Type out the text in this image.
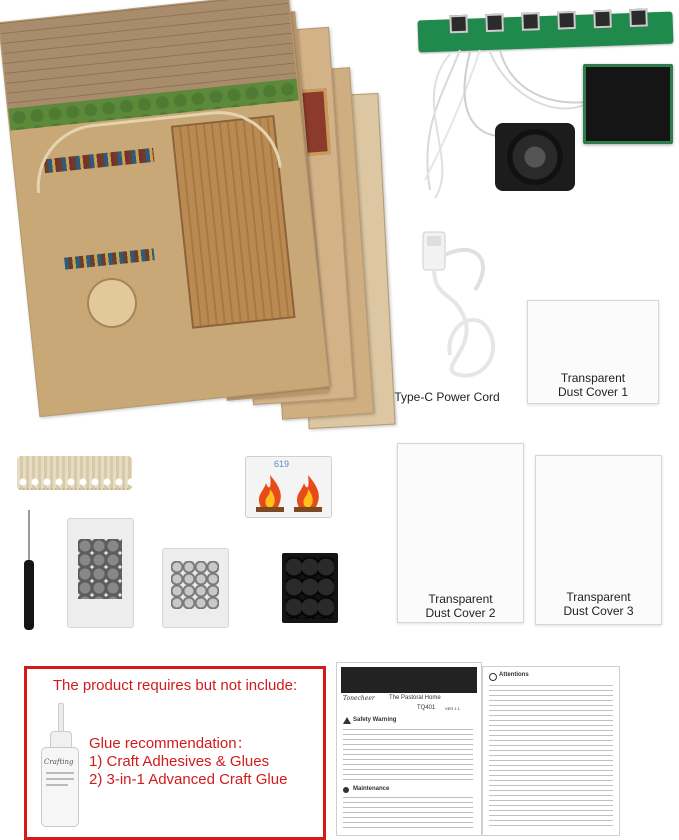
Type-C Power Cord
Transparent
Dust Cover 1
Transparent
Dust Cover 2
Transparent
Dust Cover 3
619
The product requires but not include:
Crafting
Glue recommendation：
1) Craft Adhesives & Glues
2) 3-in-1 Advanced Craft Glue
Tonecheer The Pastoral Home
TQ401 VER 1.1
Safety Warning
Maintenance
Attentions
